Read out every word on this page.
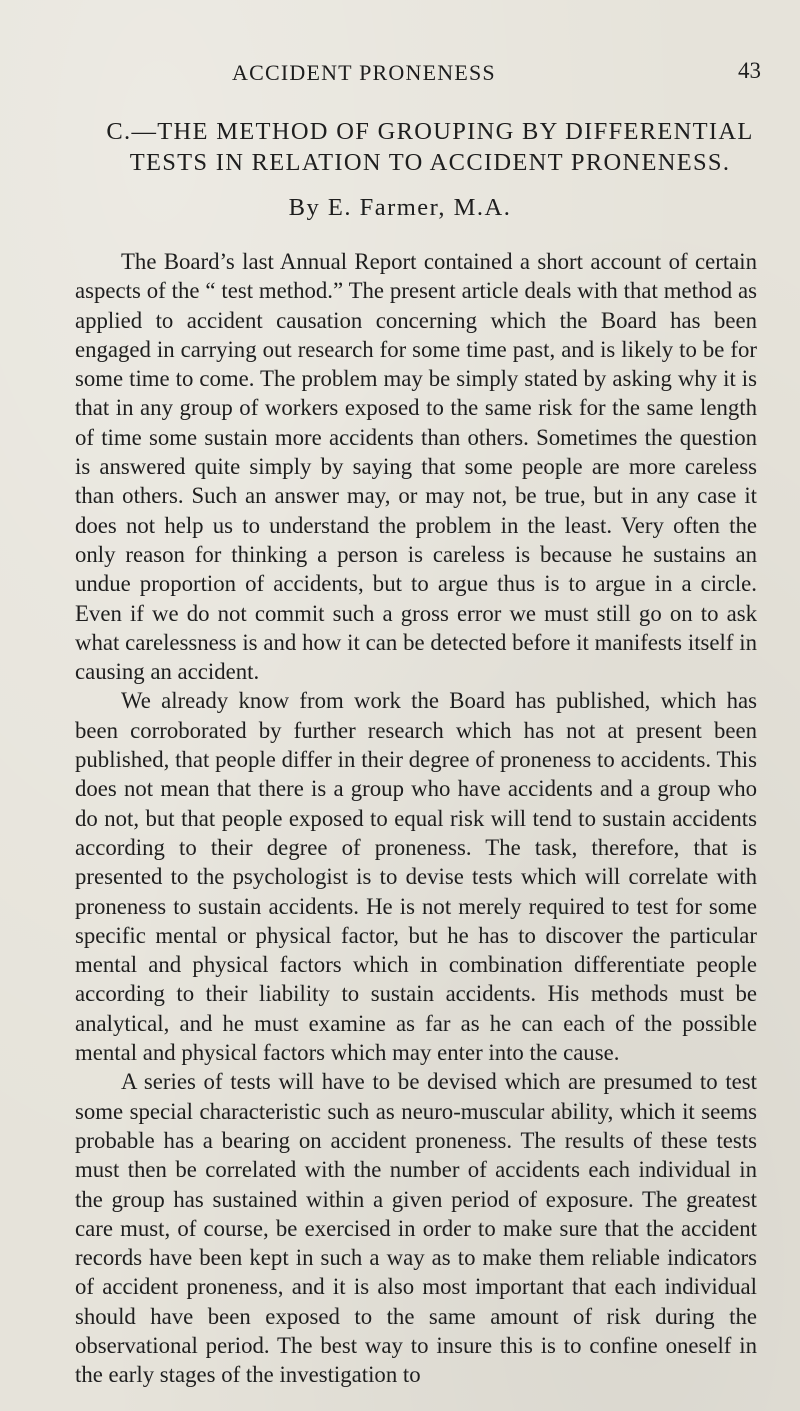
ACCIDENT PRONENESS	43
C.—THE METHOD OF GROUPING BY DIFFERENTIAL TESTS IN RELATION TO ACCIDENT PRONENESS.
By E. Farmer, M.A.

The Board’s last Annual Report contained a short account of certain aspects of the “ test method.” The present article deals with that method as applied to accident causation concerning which the Board has been engaged in carrying out research for some time past, and is likely to be for some time to come. The problem may be simply stated by asking why it is that in any group of workers exposed to the same risk for the same length of time some sustain more accidents than others. Sometimes the question is answered quite simply by saying that some people are more careless than others. Such an answer may, or may not, be true, but in any case it does not help us to understand the problem in the least. Very often the only reason for thinking a person is careless is because he sustains an undue proportion of accidents, but to argue thus is to argue in a circle. Even if we do not commit such a gross error we must still go on to ask what carelessness is and how it can be detected before it manifests itself in causing an accident.

We already know from work the Board has published, which has been corroborated by further research which has not at present been published, that people differ in their degree of proneness to accidents. This does not mean that there is a group who have accidents and a group who do not, but that people exposed to equal risk will tend to sustain accidents according to their degree of proneness. The task, therefore, that is presented to the psychologist is to devise tests which will correlate with proneness to sustain accidents. He is not merely required to test for some specific mental or physical factor, but he has to discover the particular mental and physical factors which in combination differentiate people according to their liability to sustain accidents. His methods must be analytical, and he must examine as far as he can each of the possible mental and physical factors which may enter into the cause.

A series of tests will have to be devised which are presumed to test some special characteristic such as neuro-muscular ability, which it seems probable has a bearing on accident proneness. The results of these tests must then be correlated with the number of accidents each individual in the group has sustained within a given period of exposure. The greatest care must, of course, be exercised in order to make sure that the accident records have been kept in such a way as to make them reliable indicators of accident proneness, and it is also most important that each individual should have been exposed to the same amount of risk during the observational period. The best way to insure this is to confine oneself in the early stages of the investigation to
